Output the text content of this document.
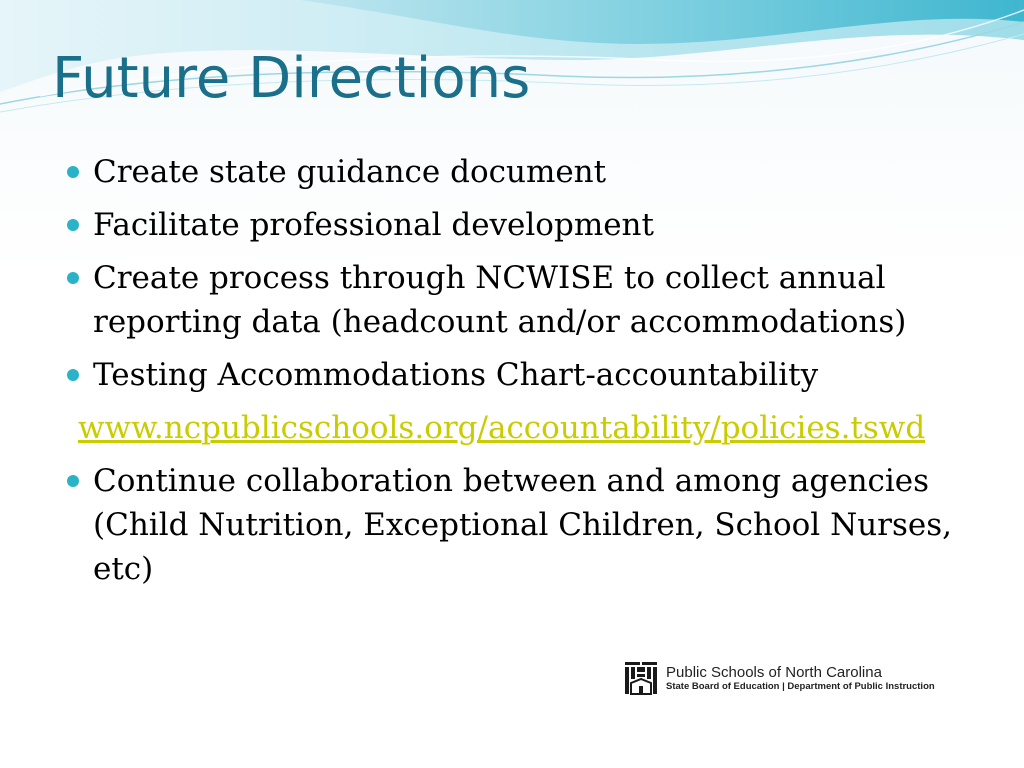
Future Directions
Create state guidance document
Facilitate professional development
Create process through NCWISE to collect annual reporting data (headcount and/or accommodations)
Testing Accommodations Chart-accountability
www.ncpublicschools.org/accountability/policies.tswd
Continue collaboration between and among agencies (Child Nutrition, Exceptional Children, School Nurses, etc)
Public Schools of North Carolina
State Board of Education | Department of Public Instruction
